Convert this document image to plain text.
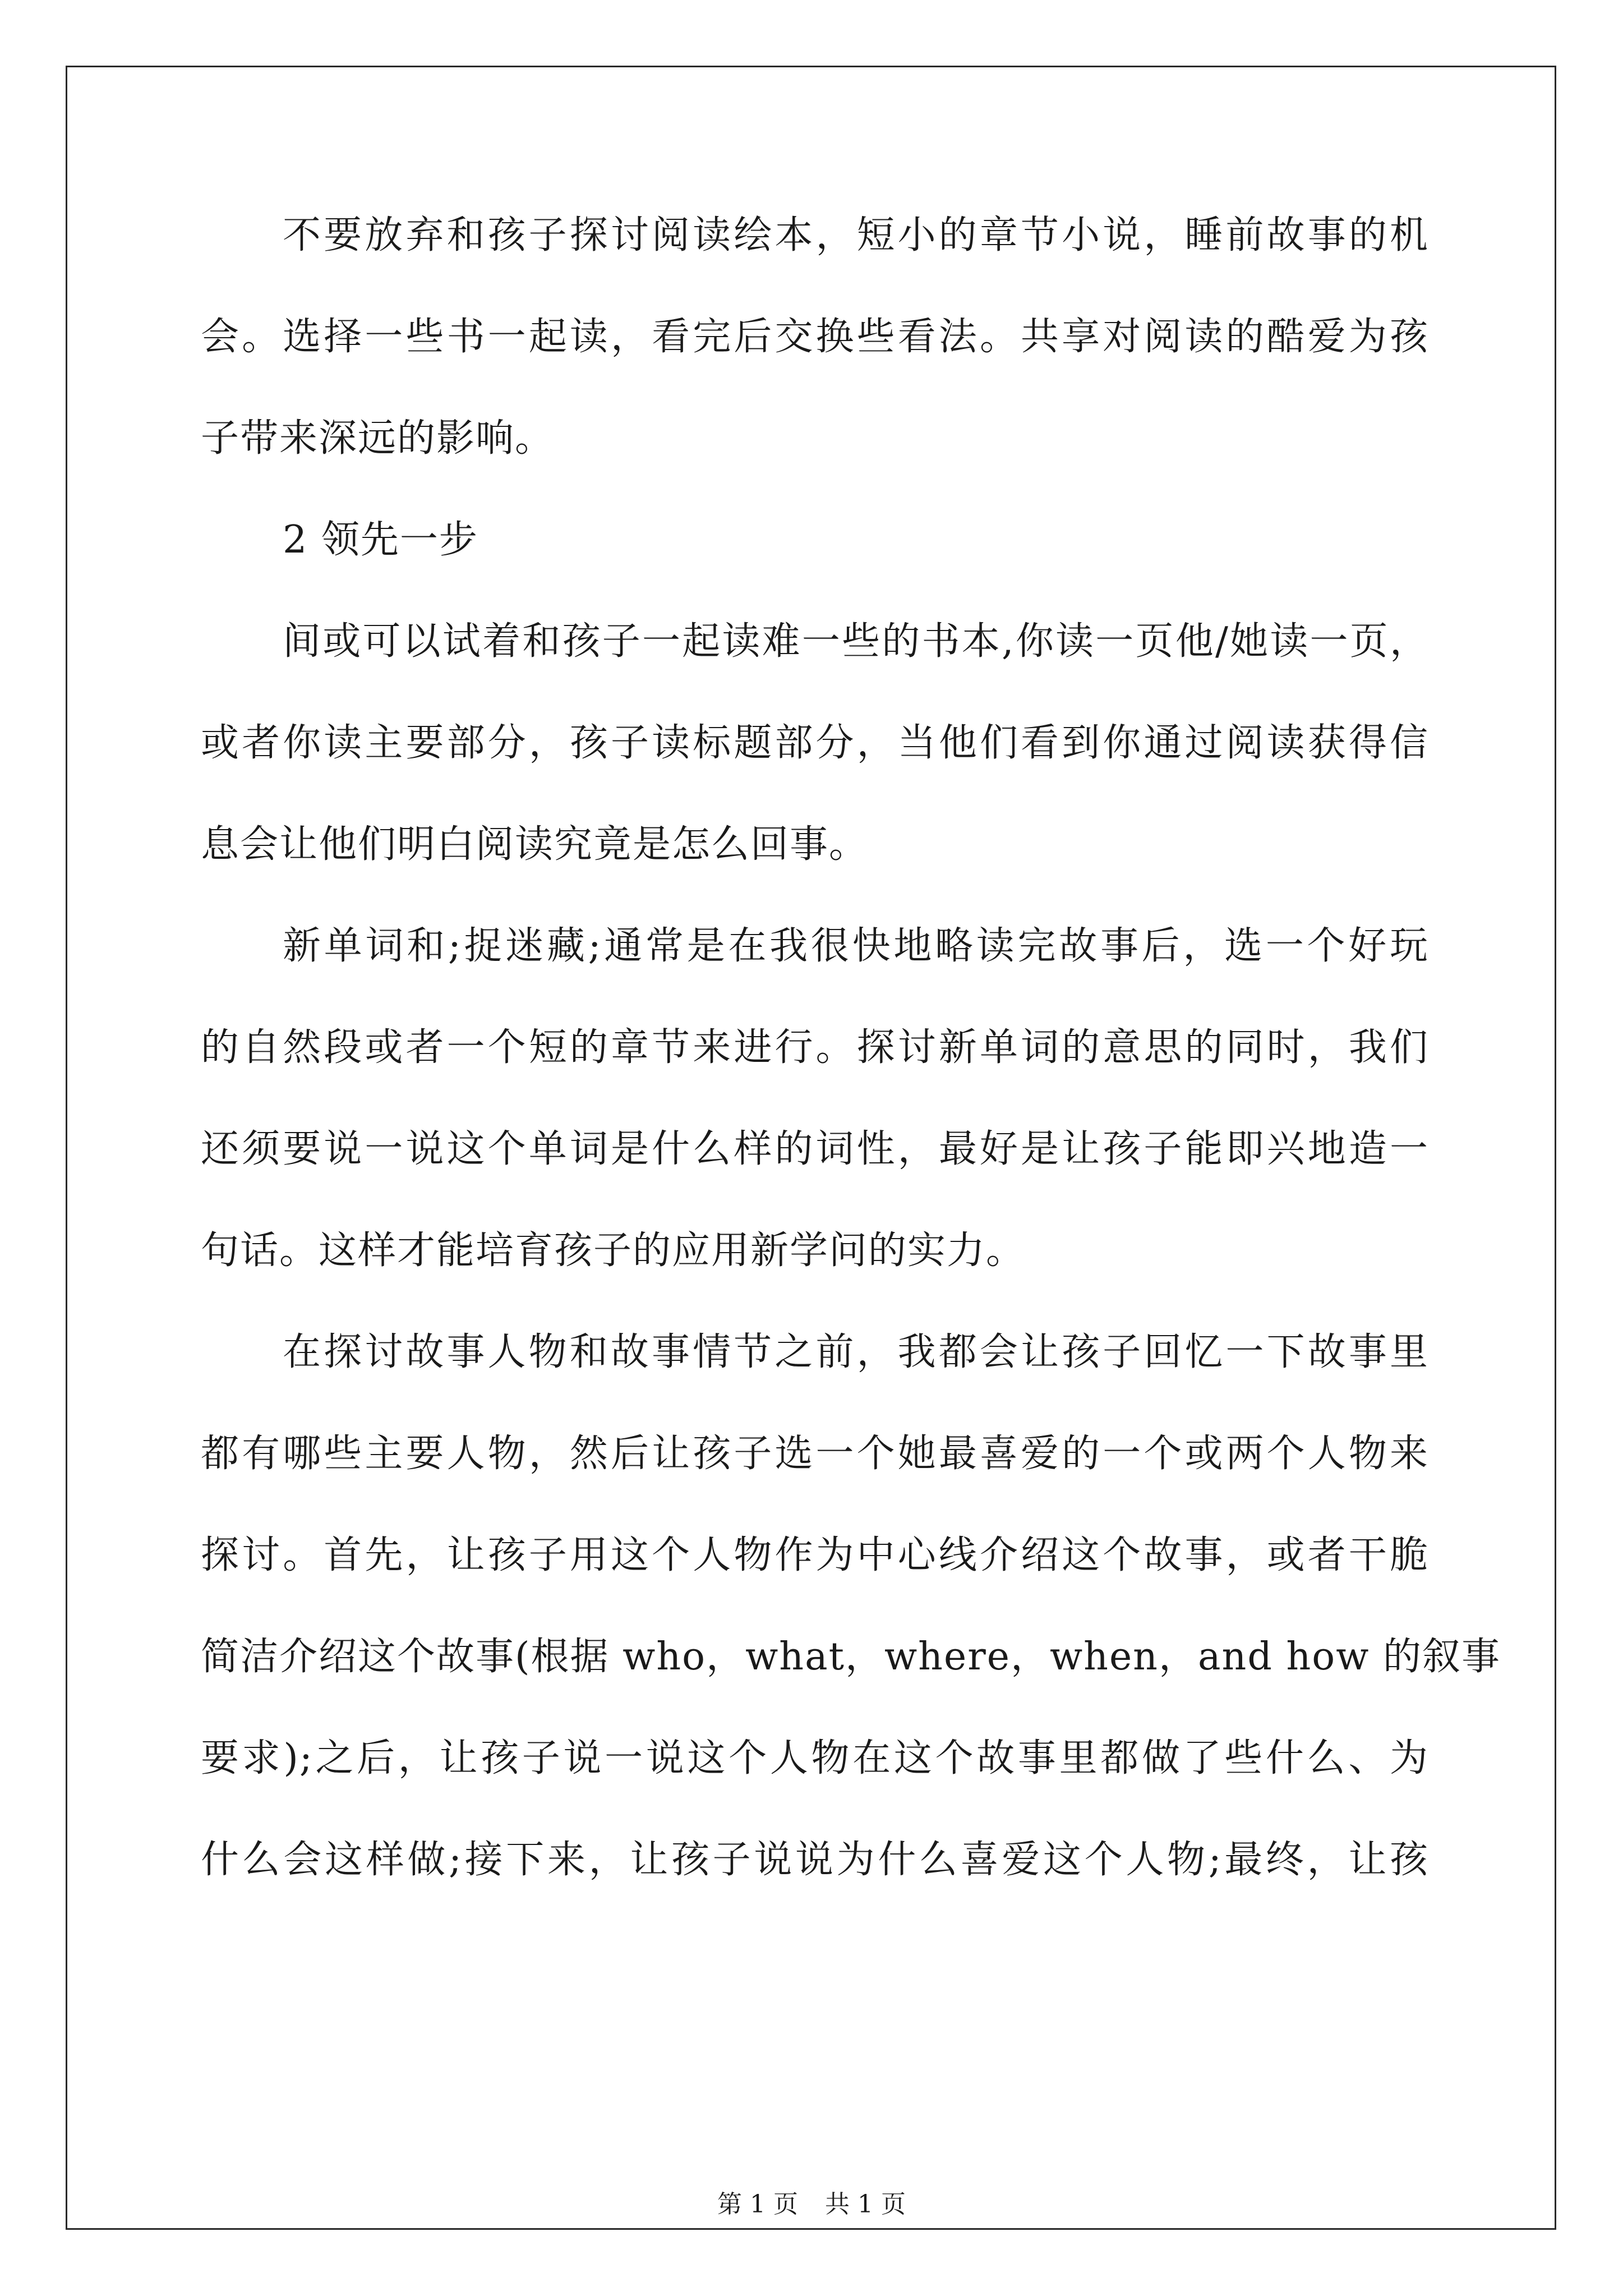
不要放弃和孩子探讨阅读绘本，短小的章节小说，睡前故事的机
会。选择一些书一起读，看完后交换些看法。共享对阅读的酷爱为孩
子带来深远的影响。
2 领先一步
间或可以试着和孩子一起读难一些的书本,你读一页他/她读一页，
或者你读主要部分，孩子读标题部分，当他们看到你通过阅读获得信
息会让他们明白阅读究竟是怎么回事。
新单词和;捉迷藏;通常是在我很快地略读完故事后，选一个好玩
的自然段或者一个短的章节来进行。探讨新单词的意思的同时，我们
还须要说一说这个单词是什么样的词性，最好是让孩子能即兴地造一
句话。这样才能培育孩子的应用新学问的实力。
在探讨故事人物和故事情节之前，我都会让孩子回忆一下故事里
都有哪些主要人物，然后让孩子选一个她最喜爱的一个或两个人物来
探讨。首先，让孩子用这个人物作为中心线介绍这个故事，或者干脆
简洁介绍这个故事(根据 who，what，where，when，and how 的叙事
要求);之后，让孩子说一说这个人物在这个故事里都做了些什么、为
什么会这样做;接下来，让孩子说说为什么喜爱这个人物;最终，让孩
第 1 页 共 1 页
